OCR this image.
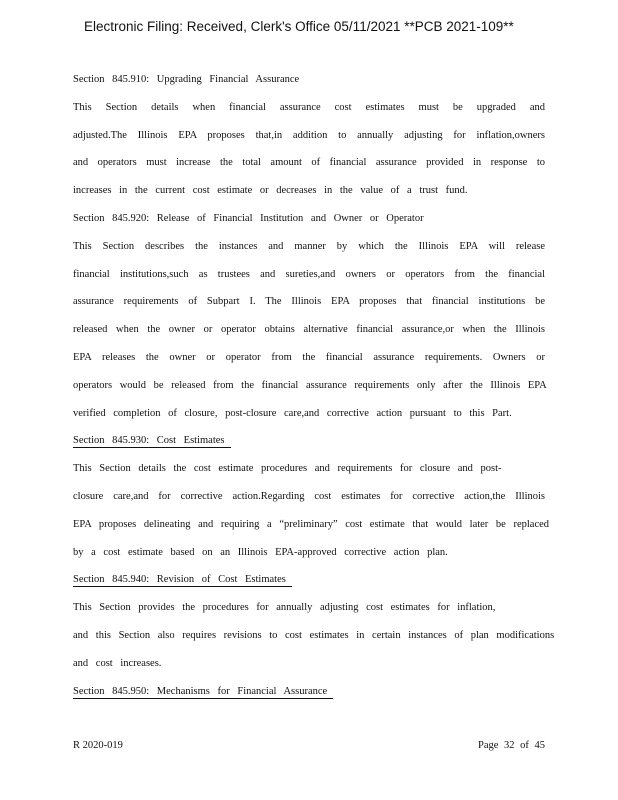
Electronic Filing: Received, Clerk's Office 05/11/2021 **PCB 2021-109**
Section 845.910: Upgrading Financial Assurance
This Section details when financial assurance cost estimates must be upgraded and
adjusted.The Illinois EPA proposes that,in addition to annually adjusting for inflation,owners
and operators must increase the total amount of financial assurance provided in response to
increases in the current cost estimate or decreases in the value of a trust fund.
Section 845.920: Release of Financial Institution and Owner or Operator
This Section describes the instances and manner by which the Illinois EPA will release
financial institutions,such as trustees and sureties,and owners or operators from the financial
assurance requirements of Subpart I. The Illinois EPA proposes that financial institutions be
released when the owner or operator obtains alternative financial assurance,or when the Illinois
EPA releases the owner or operator from the financial assurance requirements. Owners or
operators would be released from the financial assurance requirements only after the Illinois EPA
verified completion of closure, post-closure care,and corrective action pursuant to this Part.
Section 845.930: Cost Estimates
This Section details the cost estimate procedures and requirements for closure and post-
closure care,and for corrective action.Regarding cost estimates for corrective action,the Illinois
EPA proposes delineating and requiring a “preliminary” cost estimate that would later be replaced
by a cost estimate based on an Illinois EPA-approved corrective action plan.
Section 845.940: Revision of Cost Estimates
This Section provides the procedures for annually adjusting cost estimates for inflation,
and this Section also requires revisions to cost estimates in certain instances of plan modifications
and cost increases.
Section 845.950: Mechanisms for Financial Assurance
R 2020-019	Page 32 of 45
